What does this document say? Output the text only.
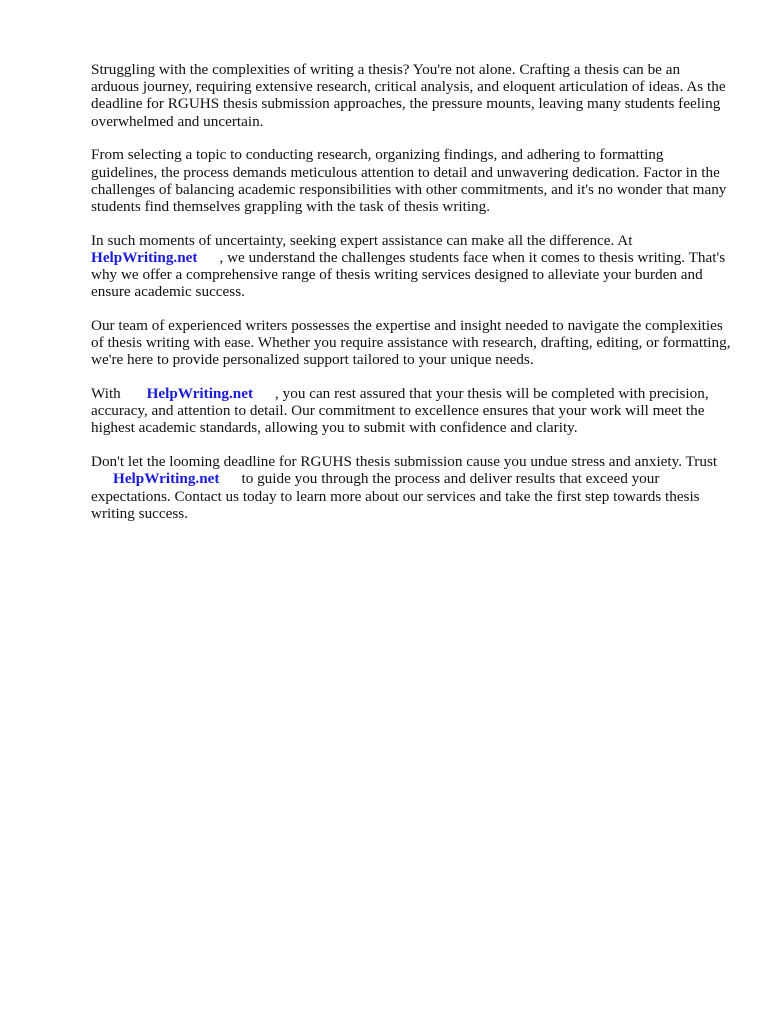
Struggling with the complexities of writing a thesis? You're not alone. Crafting a thesis can be an arduous journey, requiring extensive research, critical analysis, and eloquent articulation of ideas. As the deadline for RGUHS thesis submission approaches, the pressure mounts, leaving many students feeling overwhelmed and uncertain.

From selecting a topic to conducting research, organizing findings, and adhering to formatting guidelines, the process demands meticulous attention to detail and unwavering dedication. Factor in the challenges of balancing academic responsibilities with other commitments, and it's no wonder that many students find themselves grappling with the task of thesis writing.

In such moments of uncertainty, seeking expert assistance can make all the difference. At
HelpWriting.net , we understand the challenges students face when it comes to thesis writing. That's why we offer a comprehensive range of thesis writing services designed to alleviate your burden and ensure academic success.

Our team of experienced writers possesses the expertise and insight needed to navigate the complexities of thesis writing with ease. Whether you require assistance with research, drafting, editing, or formatting, we're here to provide personalized support tailored to your unique needs.

With HelpWriting.net , you can rest assured that your thesis will be completed with precision, accuracy, and attention to detail. Our commitment to excellence ensures that your work will meet the highest academic standards, allowing you to submit with confidence and clarity.

Don't let the looming deadline for RGUHS thesis submission cause you undue stress and anxiety. Trust HelpWriting.net to guide you through the process and deliver results that exceed your expectations. Contact us today to learn more about our services and take the first step towards thesis writing success.
